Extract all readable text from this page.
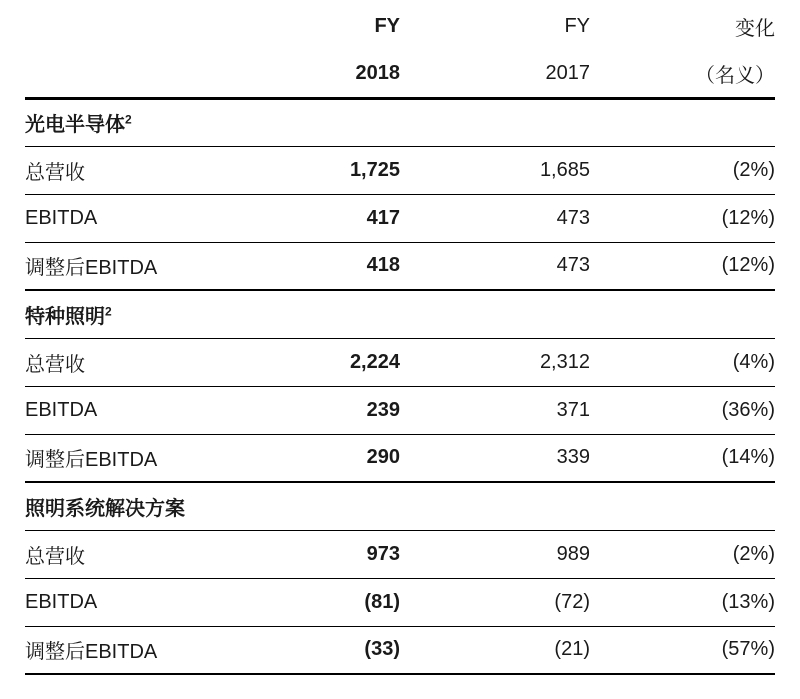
	FY	FY	变化
	2018	2017	（名义）
光电半导体$^2$
总营收	1,725	1,685	(2%)
EBITDA	417	473	(12%)
调整后EBITDA	418	473	(12%)
特种照明$^2$
总营收	2,224	2,312	(4%)
EBITDA	239	371	(36%)
调整后EBITDA	290	339	(14%)
照明系统解决方案			
总营收	973	989	(2%)
EBITDA	(81)	(72)	(13%)
调整后EBITDA	(33)	(21)	(57%)
